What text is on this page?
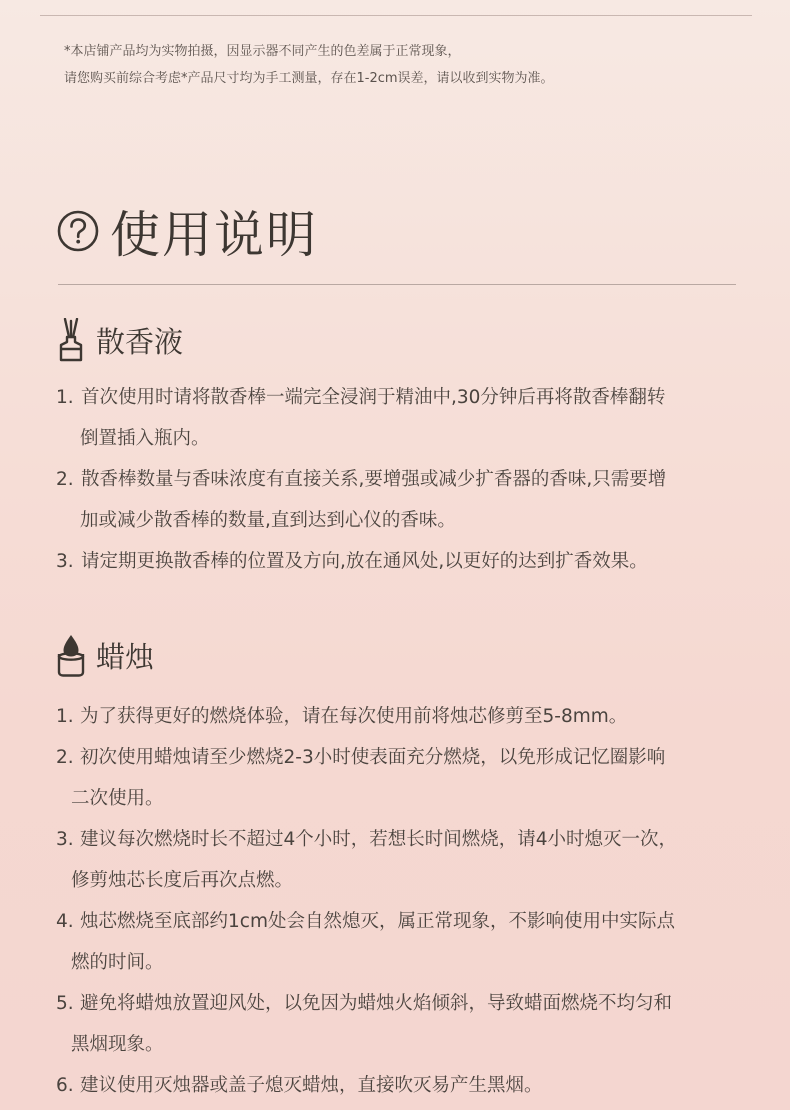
*本店铺产品均为实物拍摄，因显示器不同产生的色差属于正常现象，
请您购买前综合考虑*产品尺寸均为手工测量，存在1-2cm误差，请以收到实物为准。
使用说明
散香液
1. 首次使用时请将散香棒一端完全浸润于精油中,30分钟后再将散香棒翻转
倒置插入瓶内。
2. 散香棒数量与香味浓度有直接关系,要增强或减少扩香器的香味,只需要增
加或减少散香棒的数量,直到达到心仪的香味。
3. 请定期更换散香棒的位置及方向,放在通风处,以更好的达到扩香效果。
蜡烛
1. 为了获得更好的燃烧体验，请在每次使用前将烛芯修剪至5-8mm。
2. 初次使用蜡烛请至少燃烧2-3小时使表面充分燃烧，以免形成记忆圈影响
二次使用。
3. 建议每次燃烧时长不超过4个小时，若想长时间燃烧，请4小时熄灭一次，
修剪烛芯长度后再次点燃。
4. 烛芯燃烧至底部约1cm处会自然熄灭，属正常现象，不影响使用中实际点
燃的时间。
5. 避免将蜡烛放置迎风处，以免因为蜡烛火焰倾斜，导致蜡面燃烧不均匀和
黑烟现象。
6. 建议使用灭烛器或盖子熄灭蜡烛，直接吹灭易产生黑烟。
